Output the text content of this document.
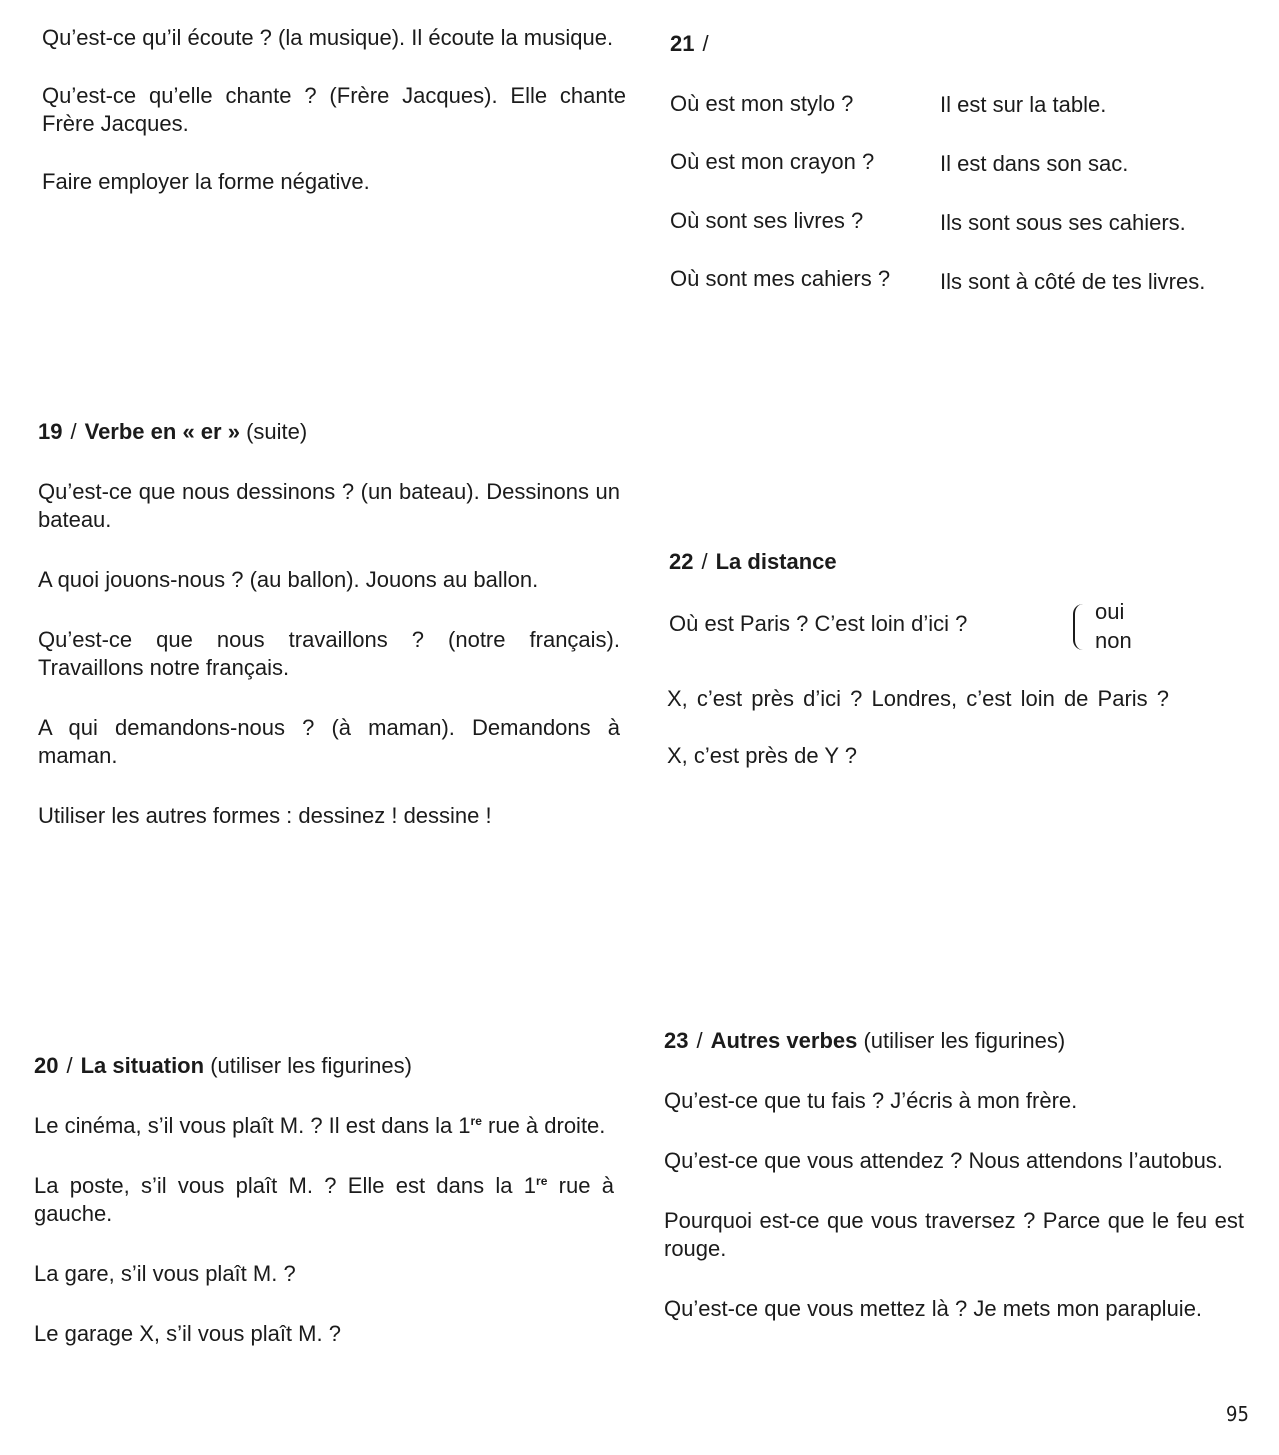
Qu’est-ce qu’il écoute ? (la musique). Il écoute la musique.

Qu’est-ce qu’elle chante ? (Frère Jacques). Elle chante Frère Jacques.

Faire employer la forme négative.

19 / Verbe en « er » (suite)

Qu’est-ce que nous dessinons ? (un bateau). Dessinons un bateau.

A quoi jouons-nous ? (au ballon). Jouons au ballon.

Qu’est-ce que nous travaillons ? (notre français). Travaillons notre français.

A qui demandons-nous ? (à maman). Demandons à maman.

Utiliser les autres formes : dessinez ! dessine !

20 / La situation (utiliser les figurines)

Le cinéma, s’il vous plaît M. ? Il est dans la 1re rue à droite.

La poste, s’il vous plaît M. ? Elle est dans la 1re rue à gauche.

La gare, s’il vous plaît M. ?

Le garage X, s’il vous plaît M. ?

21 /

Où est mon stylo ?	Il est sur la table.
Où est mon crayon ?	Il est dans son sac.
Où sont ses livres ?	Ils sont sous ses cahiers.
Où sont mes cahiers ? Ils sont à côté de tes livres.

22 / La distance

Où est Paris ? C’est loin d’ici ?	oui
non
X, c’est près d’ici ? Londres, c’est loin de Paris ?
X, c’est près de Y ?

23 / Autres verbes (utiliser les figurines)

Qu’est-ce que tu fais ? J’écris à mon frère.

Qu’est-ce que vous attendez ? Nous attendons l’autobus.

Pourquoi est-ce que vous traversez ? Parce que le feu est rouge.

Qu’est-ce que vous mettez là ? Je mets mon parapluie.

95
